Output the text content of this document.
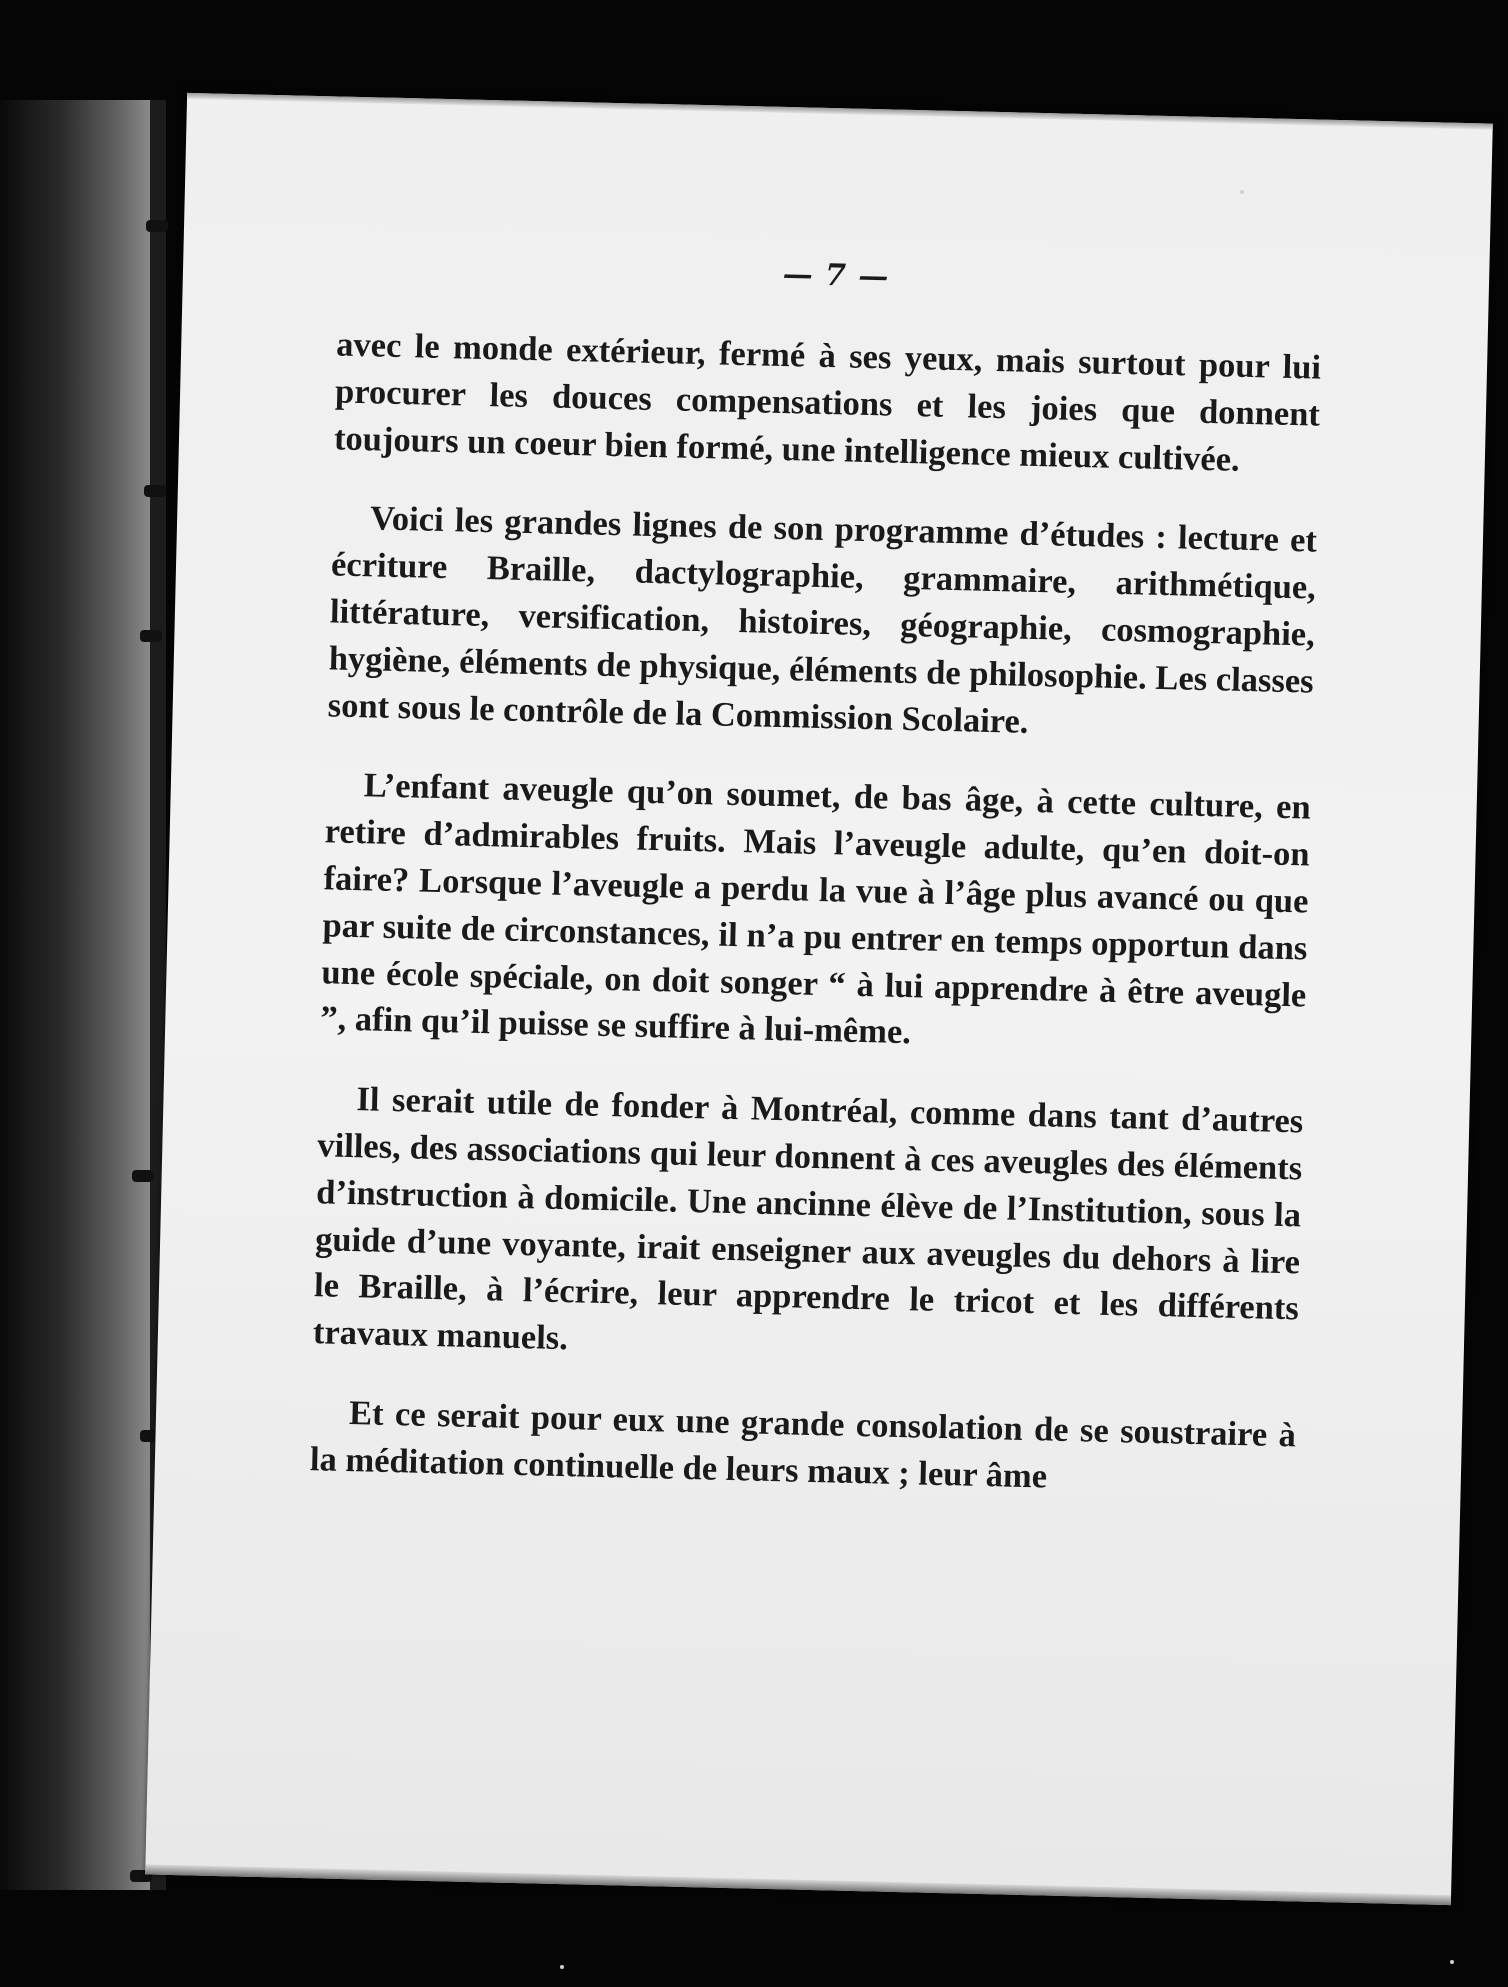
— 7 —

avec le monde extérieur, fermé à ses yeux, mais surtout pour lui procurer les douces compensations et les joies que donnent toujours un coeur bien formé, une intelligence mieux cultivée.

Voici les grandes lignes de son programme d’études : lecture et écriture Braille, dactylographie, grammaire, arithmétique, littérature, versification, histoires, géographie, cosmographie, hygiène, éléments de physique, éléments de philosophie. Les classes sont sous le contrôle de la Commission Scolaire.

L’enfant aveugle qu’on soumet, de bas âge, à cette culture, en retire d’admirables fruits. Mais l’aveugle adulte, qu’en doit-on faire? Lorsque l’aveugle a perdu la vue à l’âge plus avancé ou que par suite de circonstances, il n’a pu entrer en temps opportun dans une école spéciale, on doit songer “ à lui apprendre à être aveugle ”, afin qu’il puisse se suffire à lui-même.

Il serait utile de fonder à Montréal, comme dans tant d’autres villes, des associations qui leur donnent à ces aveugles des éléments d’instruction à domicile. Une ancinne élève de l’Institution, sous la guide d’une voyante, irait enseigner aux aveugles du dehors à lire le Braille, à l’écrire, leur apprendre le tricot et les différents travaux manuels.

Et ce serait pour eux une grande consolation de se soustraire à la méditation continuelle de leurs maux ; leur âme
